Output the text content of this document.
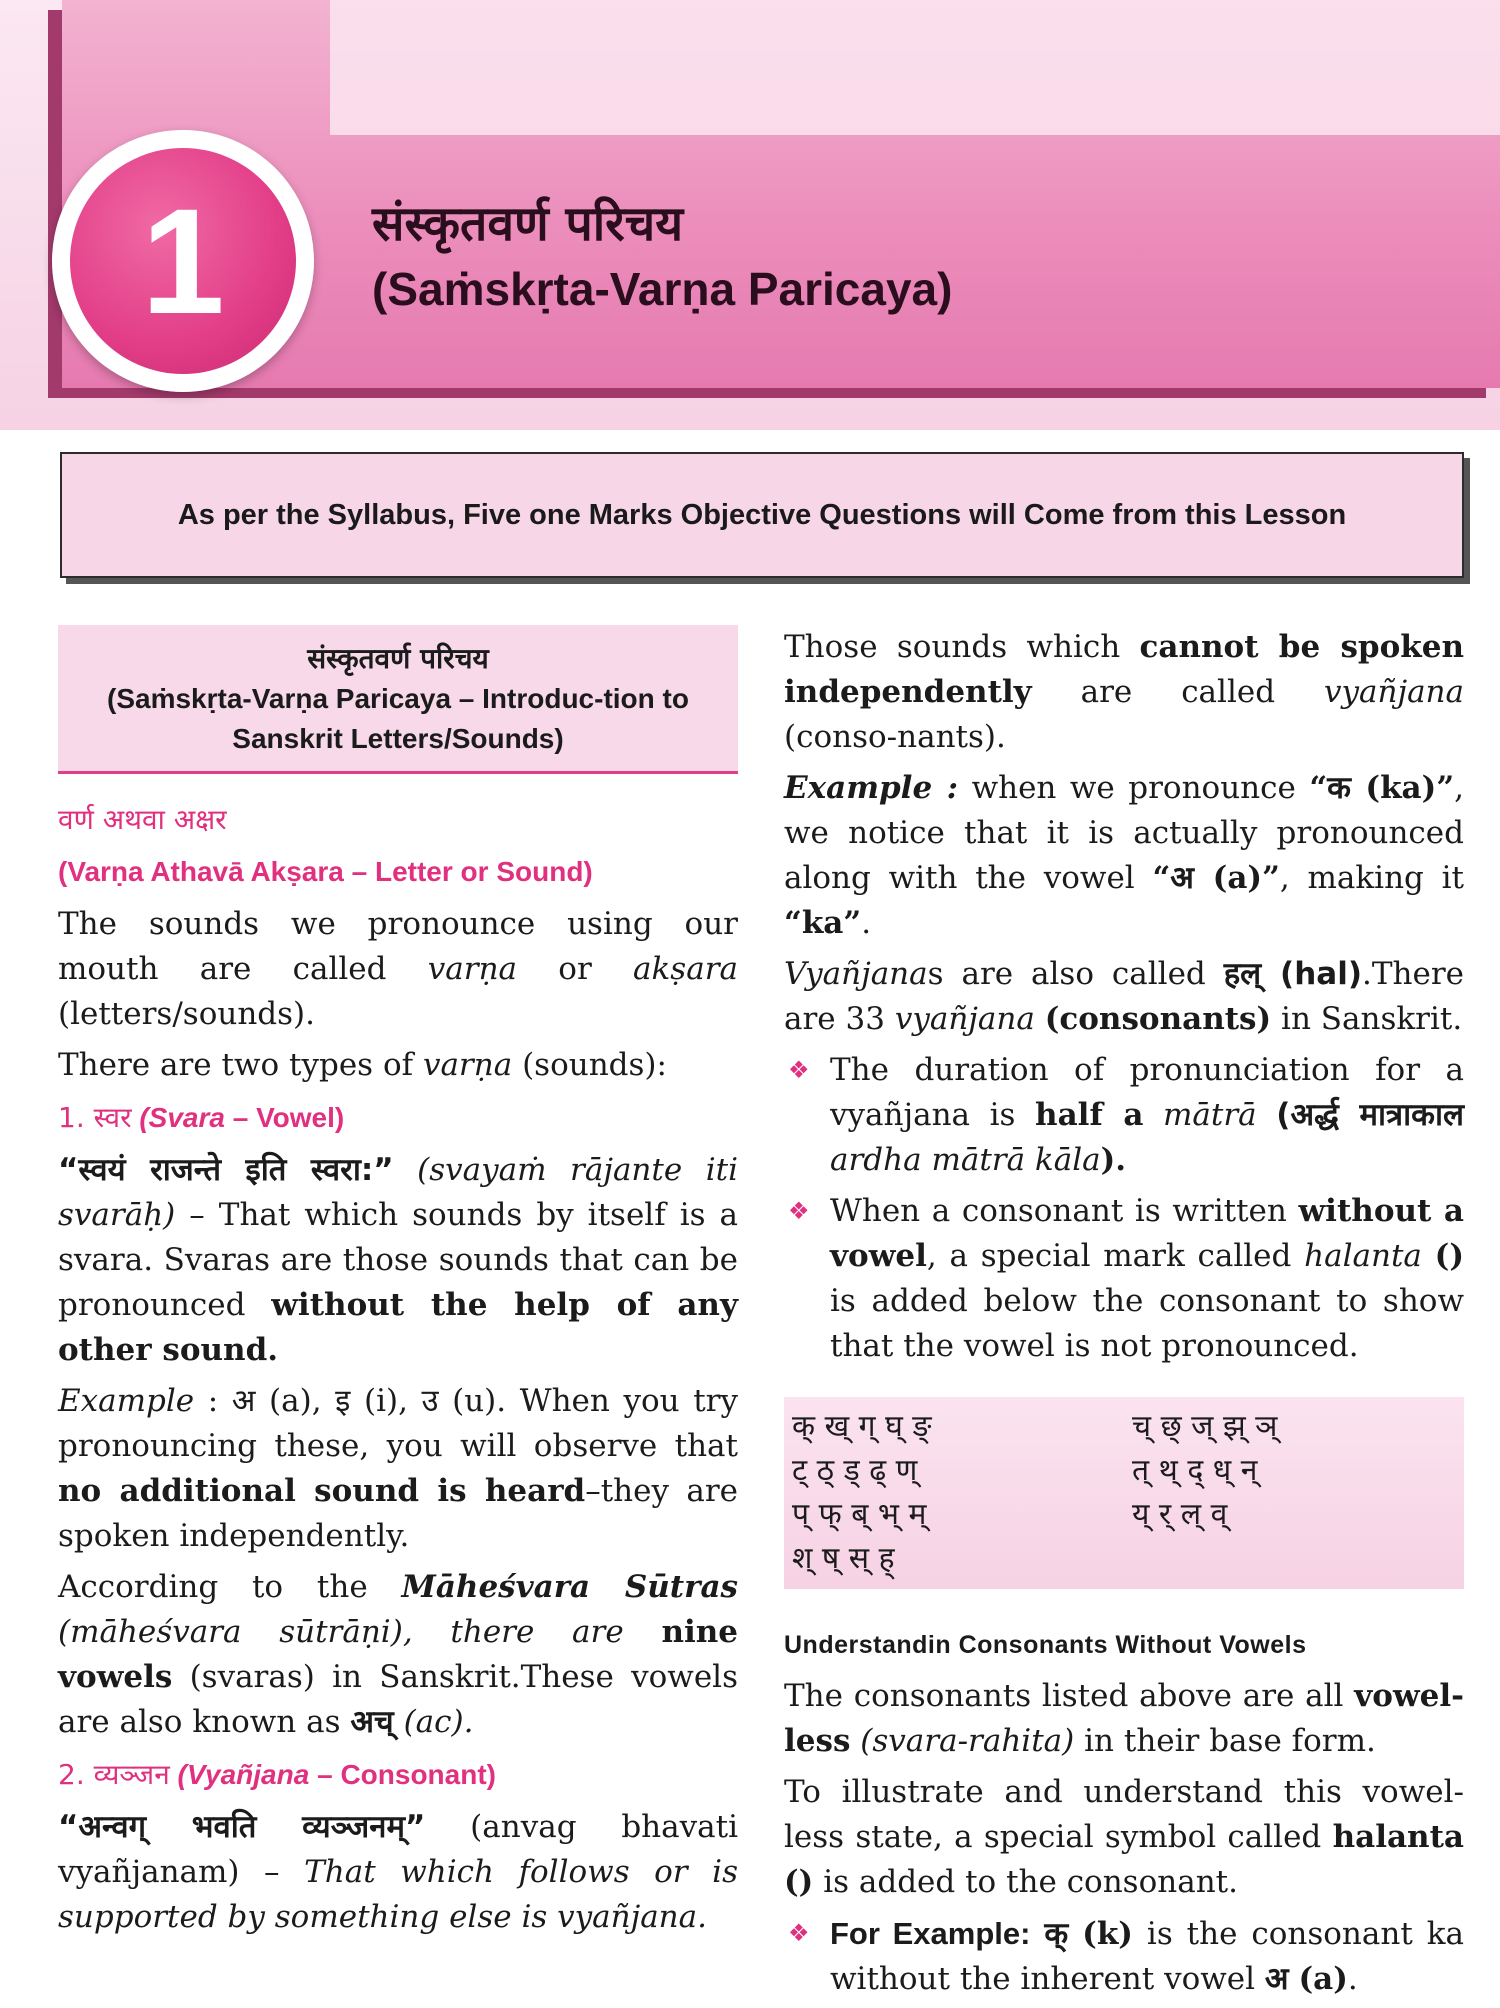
1	संस्कृतवर्ण परिचय
(Saṁskṛta-Varṇa Paricaya)
As per the Syllabus, Five one Marks Objective Questions will Come from this Lesson
संस्कृतवर्ण परिचय
(Saṁskṛta-Varṇa Paricaya – Introduc-tion to Sanskrit Letters/Sounds)

वर्ण अथवा अक्षर

(Varṇa Athavā Akṣara – Letter or Sound)

The sounds we pronounce using our mouth are called varṇa or akṣara (letters/sounds).

There are two types of varṇa (sounds):

1. स्वर (Svara – Vowel)

“स्वयं राजन्ते इति स्वरा:” (svayaṁ rājante iti svarāḥ) – That which sounds by itself is a svara. Svaras are those sounds that can be pronounced without the help of any other sound.

Example : अ (a), इ (i), उ (u). When you try pronouncing these, you will observe that no additional sound is heard–they are spoken independently.

According to the Māheśvara Sūtras (māheśvara sūtrāṇi), there are nine vowels (svaras) in Sanskrit.These vowels are also known as अच् (ac).

2. व्यञ्जन (Vyañjana – Consonant)

“अन्वग् भवति व्यञ्जनम्” (anvag bhavati vyañjanam) – That which follows or is supported by something else is vyañjana.

Those sounds which cannot be spoken independently are called vyañjana (conso-nants).

Example : when we pronounce “क (ka)”, we notice that it is actually pronounced along with the vowel “अ (a)”, making it “ka”.

Vyañjanas are also called हल् (hal).There are 33 vyañjana (consonants) in Sanskrit.

❖ The duration of pronunciation for a vyañjana is half a mātrā (अर्द्ध मात्राकाल ardha mātrā kāla).

❖ When a consonant is written without a vowel, a special mark called halanta () is added below the consonant to show that the vowel is not pronounced.

क् ख् ग् घ् ङ्	च् छ् ज् झ् ञ्
ट् ठ् ड् ढ् ण्	त् थ् द् ध् न्
प् फ् ब् भ् म्	य् र् ल् व्
श् ष् स् ह्

Understandin Consonants Without Vowels

The consonants listed above are all vowel-less (svara-rahita) in their base form.

To illustrate and understand this vowel-less state, a special symbol called halanta () is added to the consonant.

❖ For Example: क् (k) is the consonant ka without the inherent vowel अ (a).
